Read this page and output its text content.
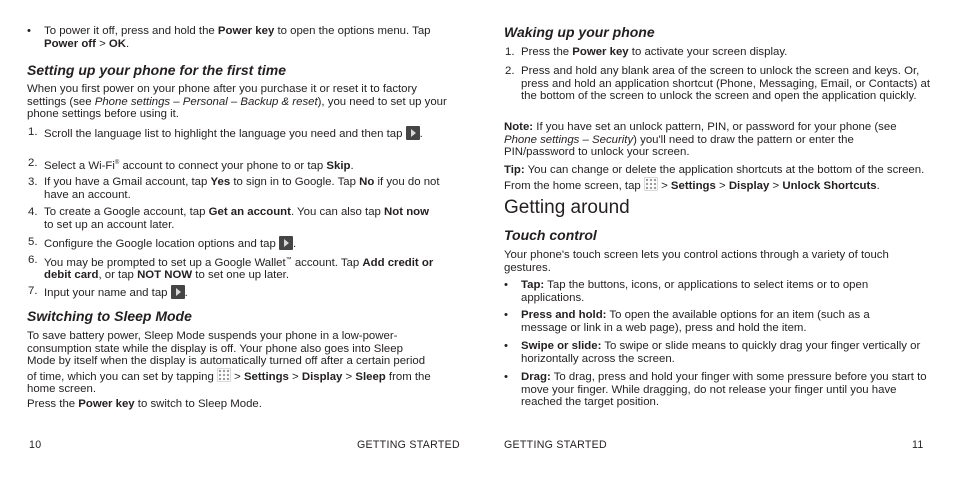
• To power it off, press and hold the Power key to open the options menu. Tap Power off > OK.

Setting up your phone for the first time

When you first power on your phone after you purchase it or reset it to factory settings (see Phone settings – Personal – Backup & reset), you need to set up your phone settings before using it.

1. Scroll the language list to highlight the language you need and then tap .

2. Select a Wi-Fi® account to connect your phone to or tap Skip.

3. If you have a Gmail account, tap Yes to sign in to Google. Tap No if you do not have an account.

4. To create a Google account, tap Get an account. You can also tap Not now to set up an account later.

5. Configure the Google location options and tap .

6. You may be prompted to set up a Google Wallet™ account. Tap Add credit or debit card, or tap NOT NOW to set one up later.

7. Input your name and tap .

Switching to Sleep Mode

To save battery power, Sleep Mode suspends your phone in a low-power-consumption state while the display is off. Your phone also goes into Sleep Mode by itself when the display is automatically turned off after a certain period of time, which you can set by tapping  > Settings > Display > Sleep from the home screen.

Press the Power key to switch to Sleep Mode.

10	GETTING STARTED
Waking up your phone

1. Press the Power key to activate your screen display.

2. Press and hold any blank area of the screen to unlock the screen and keys. Or, press and hold an application shortcut (Phone, Messaging, Email, or Contacts) at the bottom of the screen to unlock the screen and open the application quickly.

Note: If you have set an unlock pattern, PIN, or password for your phone (see Phone settings – Security) you'll need to draw the pattern or enter the PIN/password to unlock your screen.

Tip: You can change or delete the application shortcuts at the bottom of the screen. From the home screen, tap  > Settings > Display > Unlock Shortcuts.

Getting around
Touch control

Your phone's touch screen lets you control actions through a variety of touch gestures.

• Tap: Tap the buttons, icons, or applications to select items or to open applications.

• Press and hold: To open the available options for an item (such as a message or link in a web page), press and hold the item.

• Swipe or slide: To swipe or slide means to quickly drag your finger vertically or horizontally across the screen.

• Drag: To drag, press and hold your finger with some pressure before you start to move your finger. While dragging, do not release your finger until you have reached the target position.

GETTING STARTED	11
